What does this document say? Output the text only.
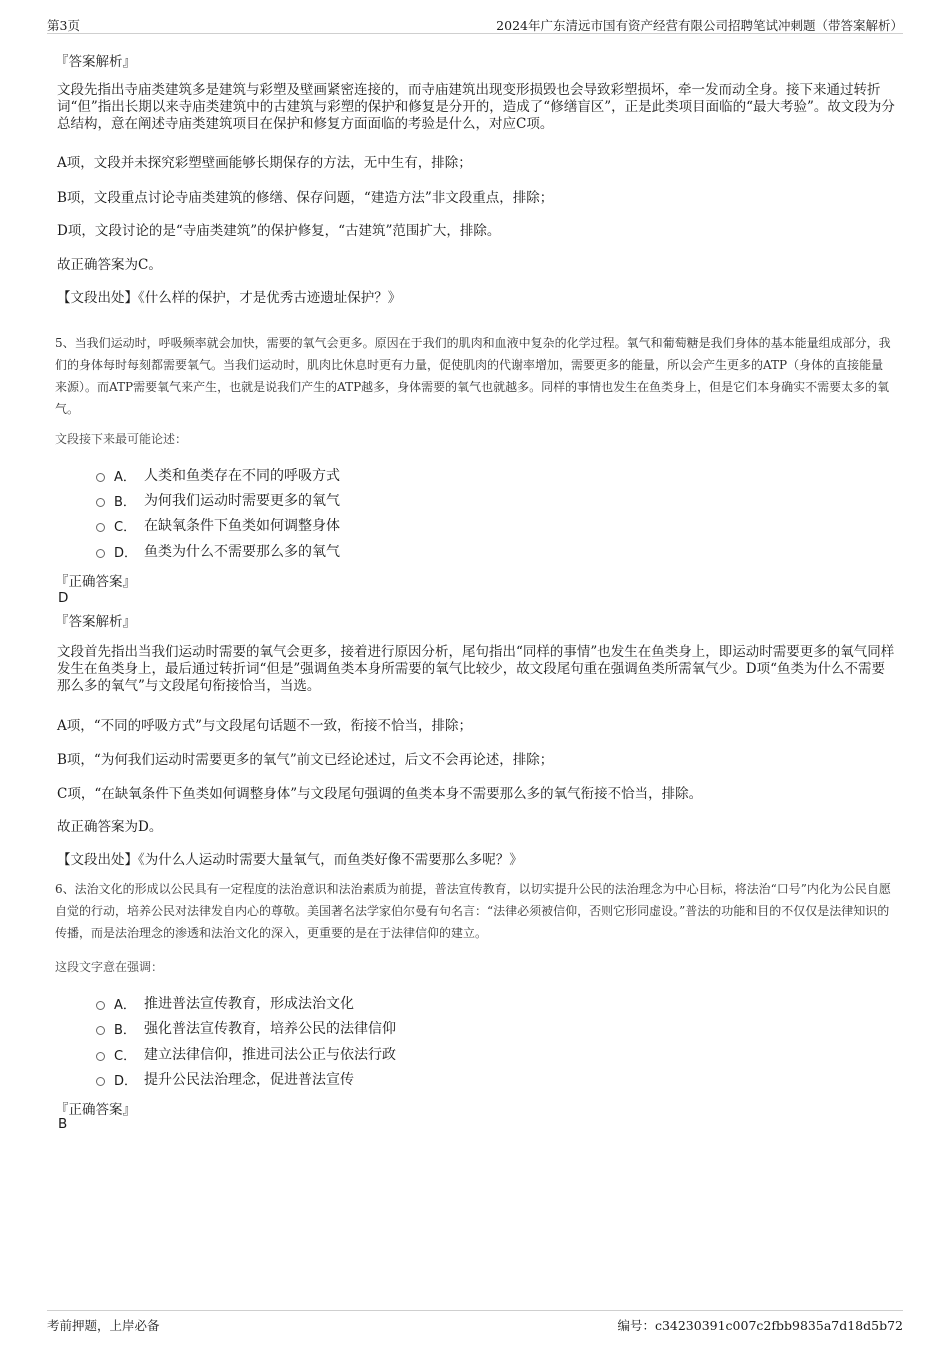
第3页	2024年广东清远市国有资产经营有限公司招聘笔试冲刺题（带答案解析）
『答案解析』
文段先指出寺庙类建筑多是建筑与彩塑及壁画紧密连接的，而寺庙建筑出现变形损毁也会导致彩塑损坏，牵一发而动全身。接下来通过转折词“但”指出长期以来寺庙类建筑中的古建筑与彩塑的保护和修复是分开的，造成了“修缮盲区”，正是此类项目面临的“最大考验”。故文段为分总结构，意在阐述寺庙类建筑项目在保护和修复方面面临的考验是什么，对应C项。
A项，文段并未探究彩塑壁画能够长期保存的方法，无中生有，排除；
B项，文段重点讨论寺庙类建筑的修缮、保存问题，“建造方法”非文段重点，排除；
D项，文段讨论的是“寺庙类建筑”的保护修复，“古建筑”范围扩大，排除。
故正确答案为C。
【文段出处】《什么样的保护，才是优秀古迹遗址保护？》
5、当我们运动时，呼吸频率就会加快，需要的氧气会更多。原因在于我们的肌肉和血液中复杂的化学过程。氧气和葡萄糖是我们身体的基本能量组成部分，我们的身体每时每刻都需要氧气。当我们运动时，肌肉比休息时更有力量，促使肌肉的代谢率增加，需要更多的能量，所以会产生更多的ATP（身体的直接能量来源）。而ATP需要氧气来产生，也就是说我们产生的ATP越多，身体需要的氧气也就越多。同样的事情也发生在鱼类身上，但是它们本身确实不需要太多的氧气。
文段接下来最可能论述：
A． 人类和鱼类存在不同的呼吸方式
B． 为何我们运动时需要更多的氧气
C． 在缺氧条件下鱼类如何调整身体
D． 鱼类为什么不需要那么多的氧气
『正确答案』
D
『答案解析』
文段首先指出当我们运动时需要的氧气会更多，接着进行原因分析，尾句指出“同样的事情”也发生在鱼类身上，即运动时需要更多的氧气同样发生在鱼类身上，最后通过转折词“但是”强调鱼类本身所需要的氧气比较少，故文段尾句重在强调鱼类所需氧气少。D项“鱼类为什么不需要那么多的氧气”与文段尾句衔接恰当，当选。
A项，“不同的呼吸方式”与文段尾句话题不一致，衔接不恰当，排除；
B项，“为何我们运动时需要更多的氧气”前文已经论述过，后文不会再论述，排除；
C项，“在缺氧条件下鱼类如何调整身体”与文段尾句强调的鱼类本身不需要那么多的氧气衔接不恰当，排除。
故正确答案为D。
【文段出处】《为什么人运动时需要大量氧气，而鱼类好像不需要那么多呢？》
6、法治文化的形成以公民具有一定程度的法治意识和法治素质为前提，普法宣传教育，以切实提升公民的法治理念为中心目标，将法治“口号”内化为公民自愿自觉的行动，培养公民对法律发自内心的尊敬。美国著名法学家伯尔曼有句名言：“法律必须被信仰，否则它形同虚设。”普法的功能和目的不仅仅是法律知识的传播，而是法治理念的渗透和法治文化的深入，更重要的是在于法律信仰的建立。
这段文字意在强调：
A． 推进普法宣传教育，形成法治文化
B． 强化普法宣传教育，培养公民的法律信仰
C． 建立法律信仰，推进司法公正与依法行政
D． 提升公民法治理念，促进普法宣传
『正确答案』
B
考前押题，上岸必备	编号：c34230391c007c2fbb9835a7d18d5b72
